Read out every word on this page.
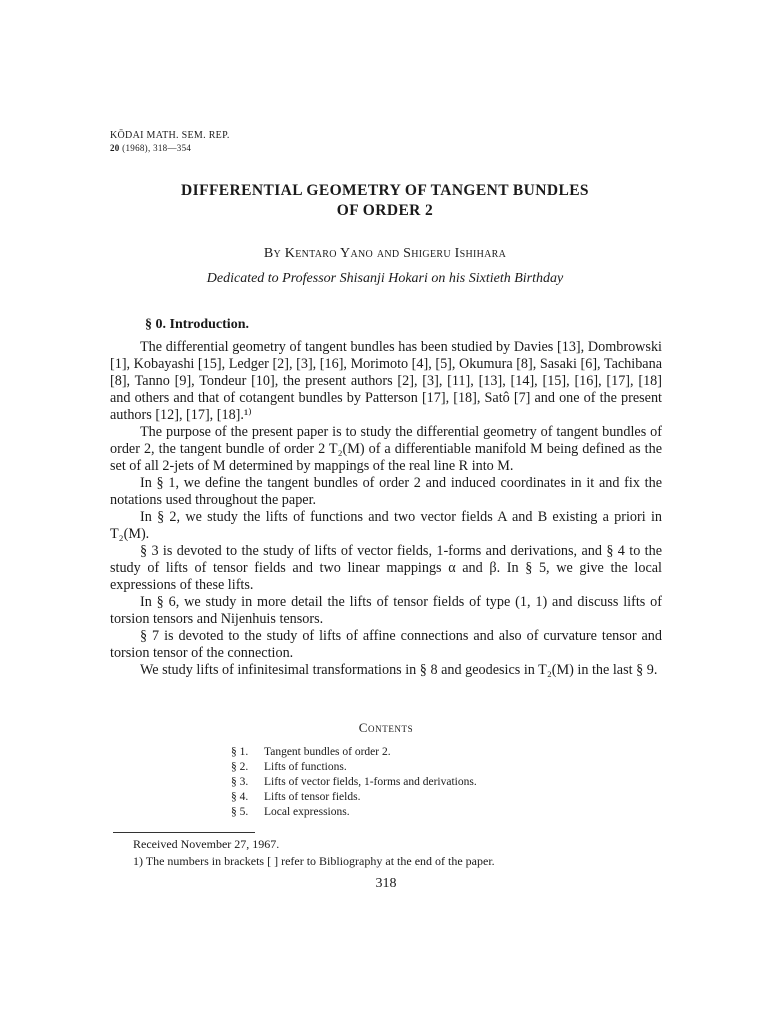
KŌDAI MATH. SEM. REP.
20 (1968), 318—354
DIFFERENTIAL GEOMETRY OF TANGENT BUNDLES
OF ORDER 2
By Kentaro Yano and Shigeru Ishihara
Dedicated to Professor Shisanji Hokari on his Sixtieth Birthday
§ 0. Introduction.

The differential geometry of tangent bundles has been studied by Davies [13], Dombrowski [1], Kobayashi [15], Ledger [2], [3], [16], Morimoto [4], [5], Okumura [8], Sasaki [6], Tachibana [8], Tanno [9], Tondeur [10], the present authors [2], [3], [11], [13], [14], [15], [16], [17], [18] and others and that of cotangent bundles by Patterson [17], [18], Satô [7] and one of the present authors [12], [17], [18].¹⁾

The purpose of the present paper is to study the differential geometry of tangent bundles of order 2, the tangent bundle of order 2 T₂(M) of a differentiable manifold M being defined as the set of all 2-jets of M determined by mappings of the real line R into M.

In § 1, we define the tangent bundles of order 2 and induced coordinates in it and fix the notations used throughout the paper.

In § 2, we study the lifts of functions and two vector fields A and B existing a priori in T₂(M).

§ 3 is devoted to the study of lifts of vector fields, 1-forms and derivations, and § 4 to the study of lifts of tensor fields and two linear mappings α and β. In § 5, we give the local expressions of these lifts.

In § 6, we study in more detail the lifts of tensor fields of type (1, 1) and discuss lifts of torsion tensors and Nijenhuis tensors.

§ 7 is devoted to the study of lifts of affine connections and also of curvature tensor and torsion tensor of the connection.

We study lifts of infinitesimal transformations in § 8 and geodesics in T₂(M) in the last § 9.

Contents
§ 1.	Tangent bundles of order 2.
§ 2.	Lifts of functions.
§ 3.	Lifts of vector fields, 1-forms and derivations.
§ 4.	Lifts of tensor fields.
§ 5.	Local expressions.
Received November 27, 1967.
1) The numbers in brackets [ ] refer to Bibliography at the end of the paper.
318
